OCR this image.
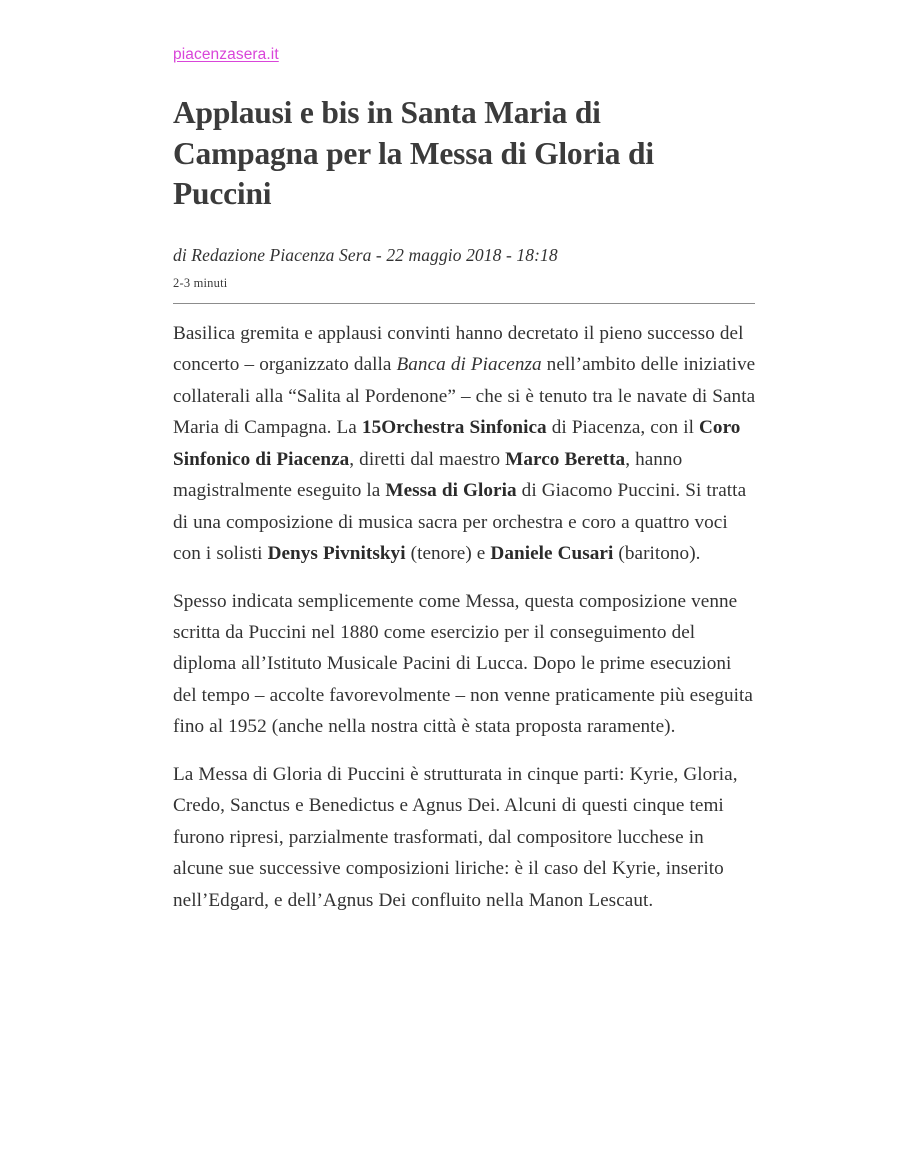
piacenzasera.it
Applausi e bis in Santa Maria di Campagna per la Messa di Gloria di Puccini
di Redazione Piacenza Sera - 22 maggio 2018 - 18:18
2-3 minuti

Basilica gremita e applausi convinti hanno decretato il pieno successo del concerto – organizzato dalla Banca di Piacenza nell’ambito delle iniziative collaterali alla “Salita al Pordenone” – che si è tenuto tra le navate di Santa Maria di Campagna. La 15Orchestra Sinfonica di Piacenza, con il Coro Sinfonico di Piacenza, diretti dal maestro Marco Beretta, hanno magistralmente eseguito la Messa di Gloria di Giacomo Puccini. Si tratta di una composizione di musica sacra per orchestra e coro a quattro voci con i solisti Denys Pivnitskyi (tenore) e Daniele Cusari (baritono).

Spesso indicata semplicemente come Messa, questa composizione venne scritta da Puccini nel 1880 come esercizio per il conseguimento del diploma all’Istituto Musicale Pacini di Lucca. Dopo le prime esecuzioni del tempo – accolte favorevolmente – non venne praticamente più eseguita fino al 1952 (anche nella nostra città è stata proposta raramente).

La Messa di Gloria di Puccini è strutturata in cinque parti: Kyrie, Gloria, Credo, Sanctus e Benedictus e Agnus Dei. Alcuni di questi cinque temi furono ripresi, parzialmente trasformati, dal compositore lucchese in alcune sue successive composizioni liriche: è il caso del Kyrie, inserito nell’Edgard, e dell’Agnus Dei confluito nella Manon Lescaut.
